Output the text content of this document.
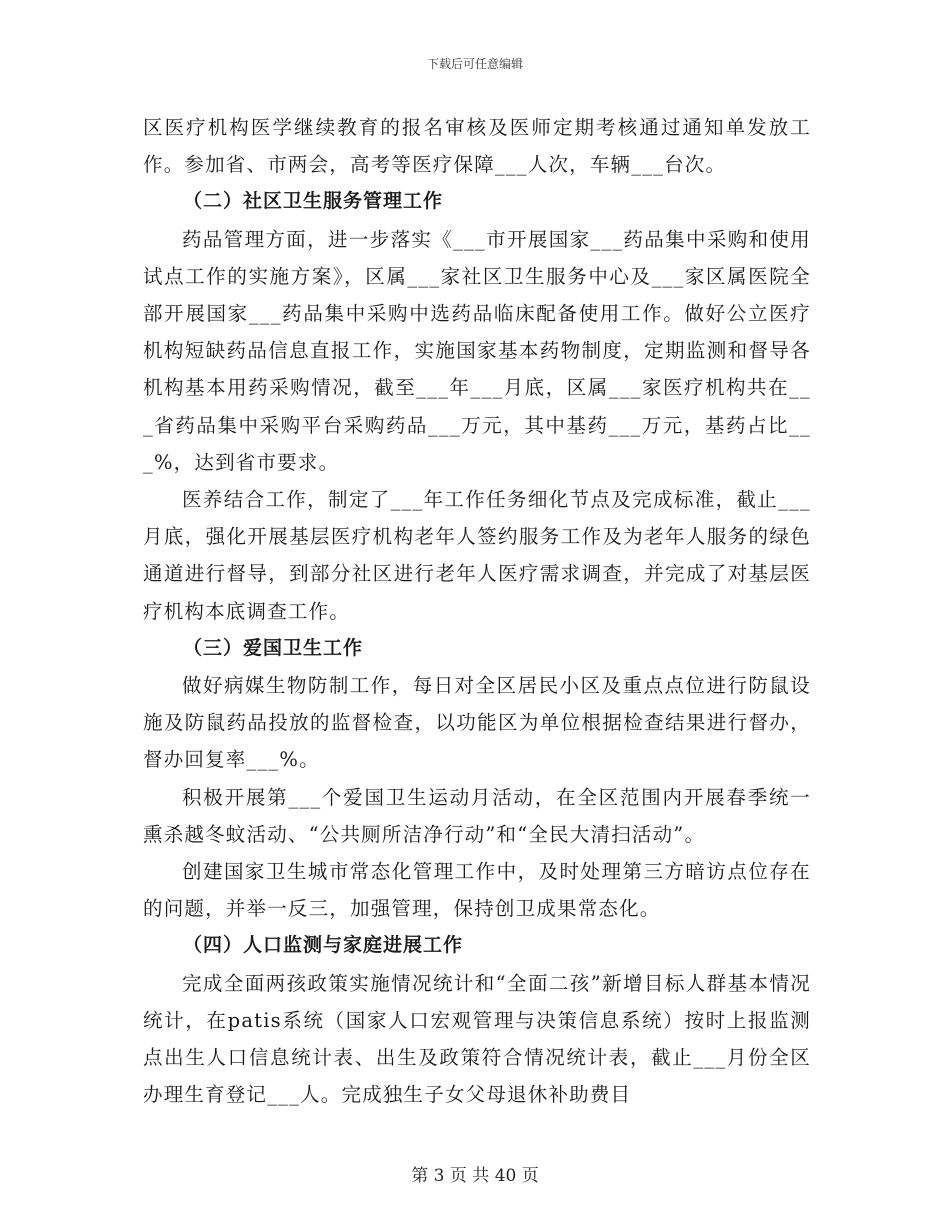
下载后可任意编辑

区医疗机构医学继续教育的报名审核及医师定期考核通过通知单发放工作。参加省、市两会，高考等医疗保障___人次，车辆___台次。

（二）社区卫生服务管理工作

药品管理方面，进一步落实《___市开展国家___药品集中采购和使用试点工作的实施方案》，区属___家社区卫生服务中心及___家区属医院全部开展国家___药品集中采购中选药品临床配备使用工作。做好公立医疗机构短缺药品信息直报工作，实施国家基本药物制度，定期监测和督导各机构基本用药采购情况，截至___年___月底，区属___家医疗机构共在___省药品集中采购平台采购药品___万元，其中基药___万元，基药占比___%，达到省市要求。

医养结合工作，制定了___年工作任务细化节点及完成标准，截止___月底，强化开展基层医疗机构老年人签约服务工作及为老年人服务的绿色通道进行督导，到部分社区进行老年人医疗需求调查，并完成了对基层医疗机构本底调查工作。

（三）爱国卫生工作

做好病媒生物防制工作，每日对全区居民小区及重点点位进行防鼠设施及防鼠药品投放的监督检查，以功能区为单位根据检查结果进行督办，督办回复率___%。

积极开展第___个爱国卫生运动月活动，在全区范围内开展春季统一熏杀越冬蚊活动、“公共厕所洁净行动”和“全民大清扫活动”。

创建国家卫生城市常态化管理工作中，及时处理第三方暗访点位存在的问题，并举一反三，加强管理，保持创卫成果常态化。

（四）人口监测与家庭进展工作

完成全面两孩政策实施情况统计和“全面二孩”新增目标人群基本情况统计，在patis系统（国家人口宏观管理与决策信息系统）按时上报监测点出生人口信息统计表、出生及政策符合情况统计表，截止___月份全区办理生育登记___人。完成独生子女父母退休补助费目

第 3 页 共 40 页
